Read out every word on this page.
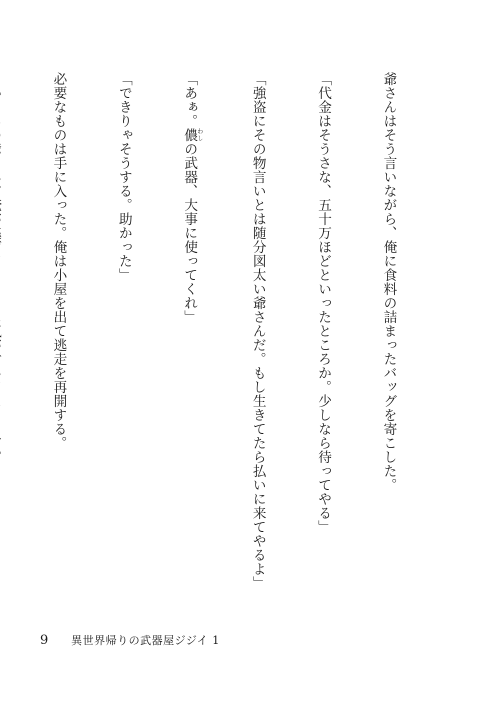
爺さんはそう言いながら、俺に食料の詰まったバッグを寄こした。

「代金はそうさな、五十万ほどといったところか。少しなら待ってやる」

「強盗にその物言いとは随分図太い爺さんだ。もし生きてたら払いに来てやるよ」

「あぁ。儂わしの武器、大事に使ってくれ」

「できりゃそうする。助かった」

必要なものは手に入った。俺は小屋を出て逃走を再開する。

9 異世界帰りの武器屋ジジイ 1
